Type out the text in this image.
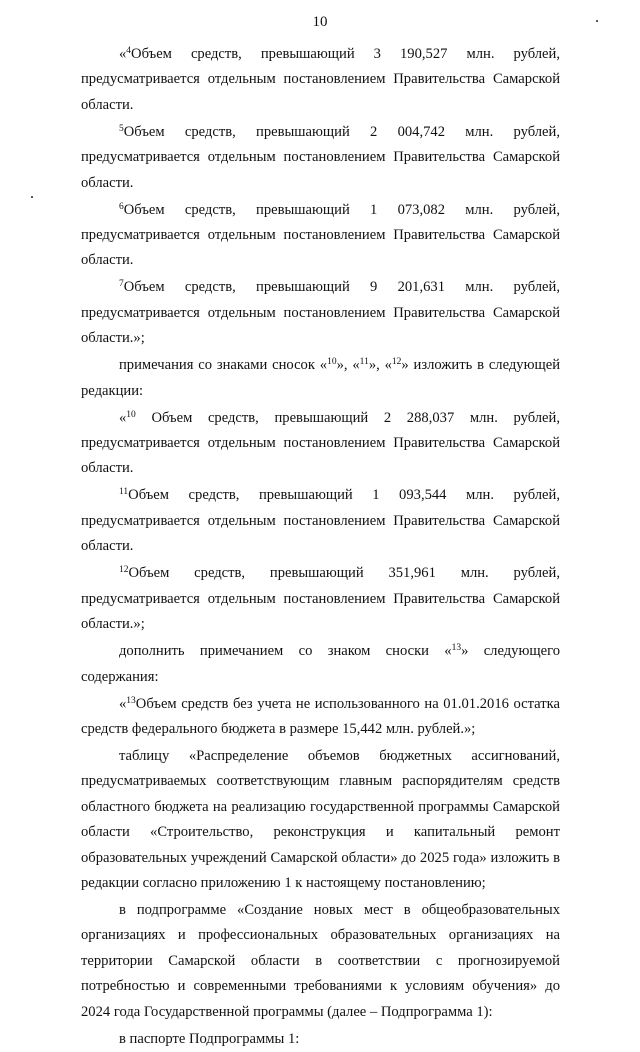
10

«$^4$Объем средств, превышающий 3 190,527 млн. рублей, предусматривается отдельным постановлением Правительства Самарской области.

$^5$Объем средств, превышающий 2 004,742 млн. рублей, предусматривается отдельным постановлением Правительства Самарской области.

$^6$Объем средств, превышающий 1 073,082 млн. рублей, предусматривается отдельным постановлением Правительства Самарской области.

$^7$Объем средств, превышающий 9 201,631 млн. рублей, предусматривается отдельным постановлением Правительства Самарской области.»;

примечания со знаками сносок «$^{10}$», «$^{11}$», «$^{12}$» изложить в следующей редакции:

«$^{10}$ Объем средств, превышающий 2 288,037 млн. рублей, предусматривается отдельным постановлением Правительства Самарской области.

$^{11}$Объем средств, превышающий 1 093,544 млн. рублей, предусматривается отдельным постановлением Правительства Самарской области.

$^{12}$Объем средств, превышающий 351,961 млн. рублей, предусматривается отдельным постановлением Правительства Самарской области.»;

дополнить примечанием со знаком сноски «$^{13}$» следующего содержания:

«$^{13}$Объем средств без учета не использованного на 01.01.2016 остатка средств федерального бюджета в размере 15,442 млн. рублей.»;

таблицу «Распределение объемов бюджетных ассигнований, предусматриваемых соответствующим главным распорядителям средств областного бюджета на реализацию государственной программы Самарской области «Строительство, реконструкция и капитальный ремонт образовательных учреждений Самарской области» до 2025 года» изложить в редакции согласно приложению 1 к настоящему постановлению;

в подпрограмме «Создание новых мест в общеобразовательных организациях и профессиональных образовательных организациях на территории Самарской области в соответствии с прогнозируемой потребностью и современными требованиями к условиям обучения» до 2024 года Государственной программы (далее – Подпрограмма 1):

в паспорте Подпрограммы 1:
